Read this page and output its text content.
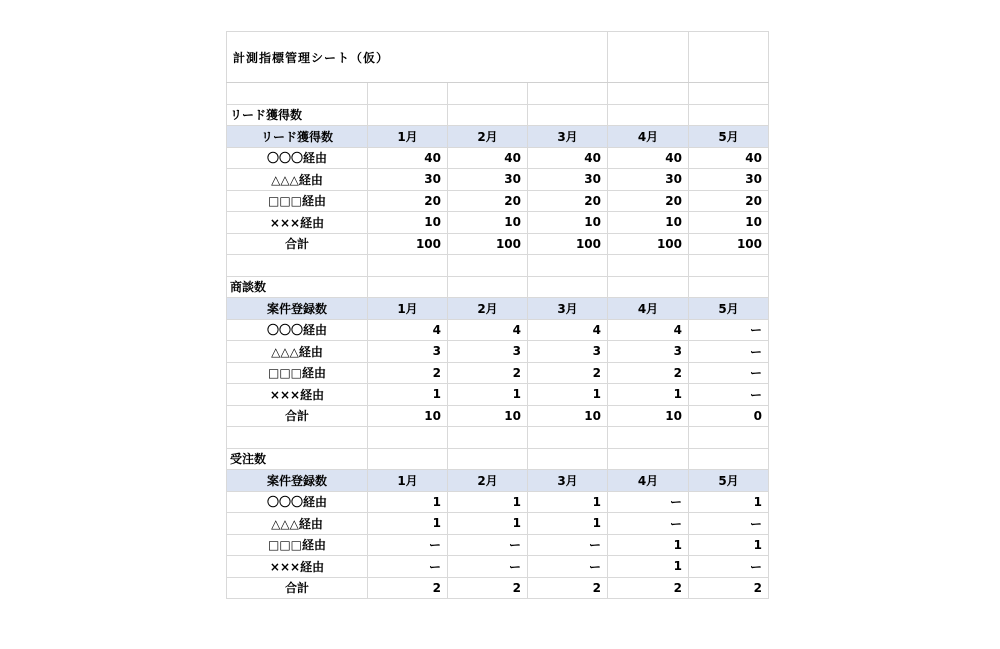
計測指標管理シート（仮）					

リード獲得数					
リード獲得数	1月	2月	3月	4月	5月
〇〇〇経由	40	40	40	40	40
△△△経由	30	30	30	30	30
□□□経由	20	20	20	20	20
×××経由	10	10	10	10	10
合計	100	100	100	100	100

商談数					
案件登録数	1月	2月	3月	4月	5月
〇〇〇経由	4	4	4	4	ー
△△△経由	3	3	3	3	ー
□□□経由	2	2	2	2	ー
×××経由	1	1	1	1	ー
合計	10	10	10	10	0

受注数					
案件登録数	1月	2月	3月	4月	5月
〇〇〇経由	1	1	1	ー	1
△△△経由	1	1	1	ー	ー
□□□経由	ー	ー	ー	1	1
×××経由	ー	ー	ー	1	ー
合計	2	2	2	2	2
